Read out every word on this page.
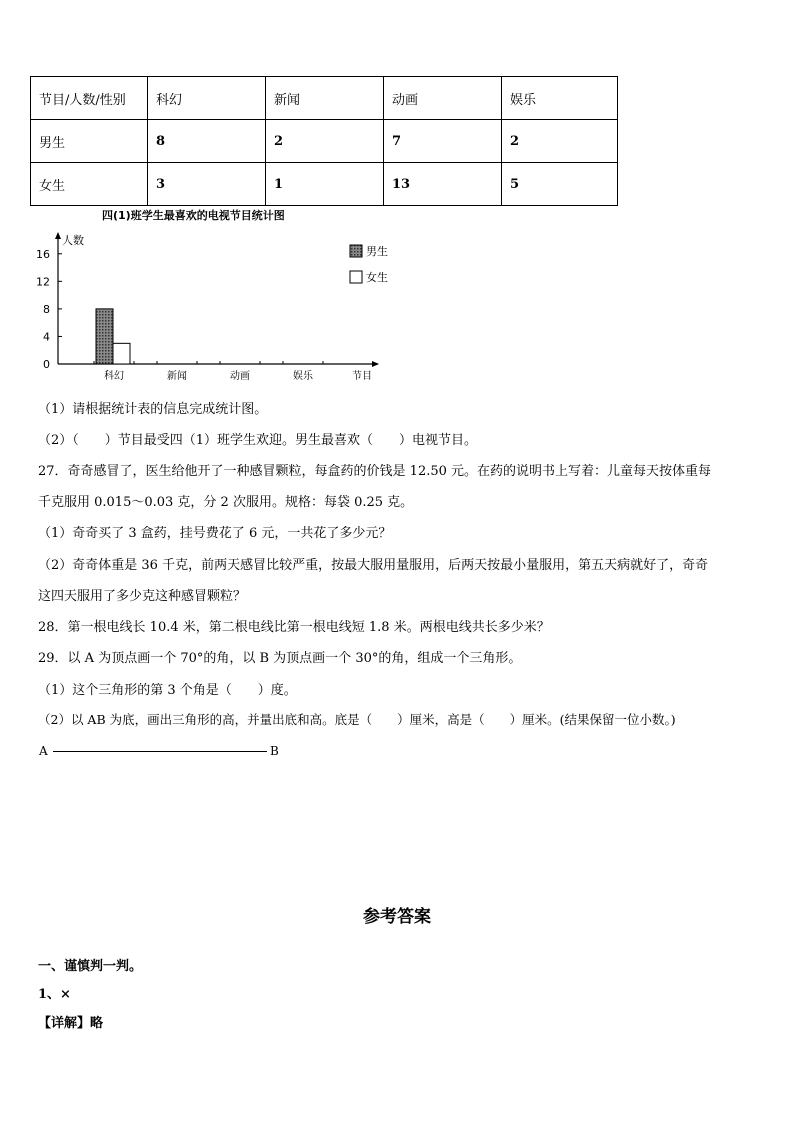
节目/人数/性别	科幻	新闻	动画	娱乐
男生	8	2	7	2
女生	3	1	13	5
四(1)班学生最喜欢的电视节目统计图
人数
节目
0
4
8
12
16
科幻	新闻	动画	娱乐
男生
女生
（1）请根据统计表的信息完成统计图。
（2）（　　）节目最受四（1）班学生欢迎。男生最喜欢（　　）电视节目。
27．奇奇感冒了，医生给他开了一种感冒颗粒，每盒药的价钱是 12.50 元。在药的说明书上写着：儿童每天按体重每
千克服用 0.015～0.03 克，分 2 次服用。规格：每袋 0.25 克。
（1）奇奇买了 3 盒药，挂号费花了 6 元，一共花了多少元？
（2）奇奇体重是 36 千克，前两天感冒比较严重，按最大服用量服用，后两天按最小量服用，第五天病就好了，奇奇
这四天服用了多少克这种感冒颗粒？
28．第一根电线长 10.4 米，第二根电线比第一根电线短 1.8 米。两根电线共长多少米？
29．以 A 为顶点画一个 70°的角，以 B 为顶点画一个 30°的角，组成一个三角形。
（1）这个三角形的第 3 个角是（　　）度。
（2）以 AB 为底，画出三角形的高，并量出底和高。底是（　　）厘米，高是（　　）厘米。(结果保留一位小数。)
A	B
参考答案
一、谨慎判一判。
1、×
【详解】略
